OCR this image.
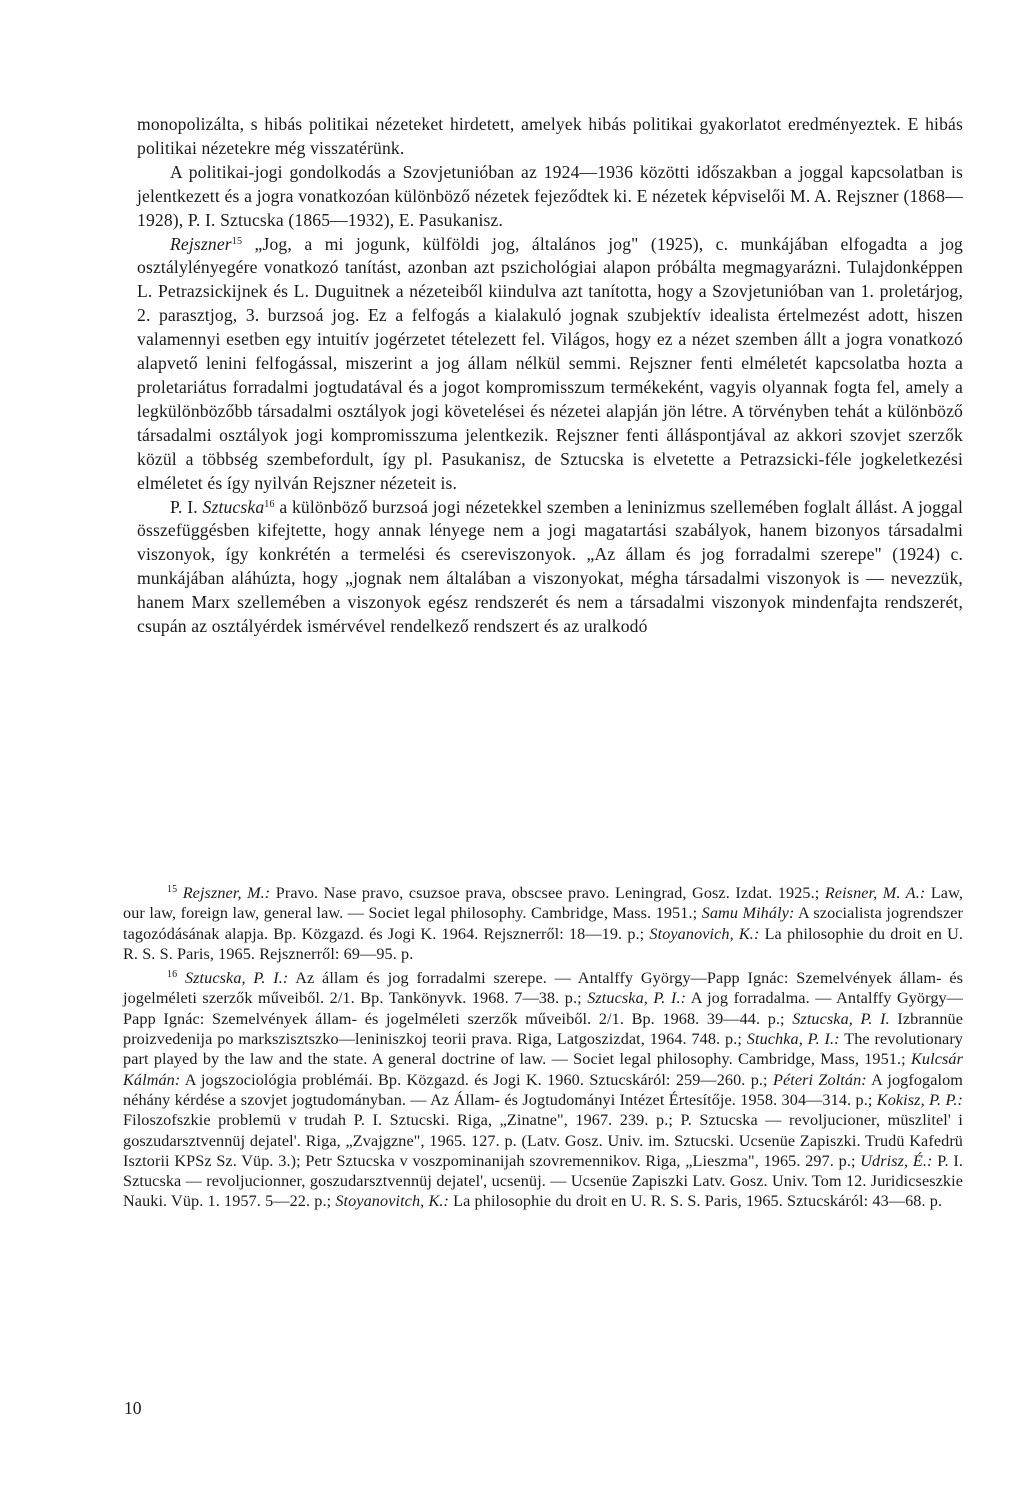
monopolizálta, s hibás politikai nézeteket hirdetett, amelyek hibás politikai gyakorlatot eredményeztek. E hibás politikai nézetekre még visszatérünk.

A politikai-jogi gondolkodás a Szovjetunióban az 1924—1936 közötti időszakban a joggal kapcsolatban is jelentkezett és a jogra vonatkozóan különböző nézetek fejeződtek ki. E nézetek képviselői M. A. Rejszner (1868—1928), P. I. Sztucska (1865—1932), E. Pasukanisz.

Rejszner$^{15}$ „Jog, a mi jogunk, külföldi jog, általános jog" (1925), c. munkájában elfogadta a jog osztálylényegére vonatkozó tanítást, azonban azt pszichológiai alapon próbálta megmagyarázni. Tulajdonképpen L. Petrazsickijnek és L. Duguitnek a nézeteiből kiindulva azt tanította, hogy a Szovjetunióban van 1. proletárjog, 2. parasztjog, 3. burzsoá jog. Ez a felfogás a kialakuló jognak szubjektív idealista értelmezést adott, hiszen valamennyi esetben egy intuitív jogérzetet tételezett fel. Világos, hogy ez a nézet szemben állt a jogra vonatkozó alapvető lenini felfogással, miszerint a jog állam nélkül semmi. Rejszner fenti elméletét kapcsolatba hozta a proletariátus forradalmi jogtudatával és a jogot kompromisszum termékeként, vagyis olyannak fogta fel, amely a legkülönbözőbb társadalmi osztályok jogi követelései és nézetei alapján jön létre. A törvényben tehát a különböző társadalmi osztályok jogi kompromisszuma jelentkezik. Rejszner fenti álláspontjával az akkori szovjet szerzők közül a többség szembefordult, így pl. Pasukanisz, de Sztucska is elvetette a Petrazsicki-féle jogkeletkezési elméletet és így nyilván Rejszner nézeteit is.

P. I. Sztucska$^{16}$ a különböző burzsoá jogi nézetekkel szemben a leninizmus szellemében foglalt állást. A joggal összefüggésben kifejtette, hogy annak lényege nem a jogi magatartási szabályok, hanem bizonyos társadalmi viszonyok, így konkrétén a termelési és csereviszonyok. „Az állam és jog forradalmi szerepe" (1924) c. munkájában aláhúzta, hogy „jognak nem általában a viszonyokat, mégha társadalmi viszonyok is — nevezzük, hanem Marx szellemében a viszonyok egész rendszerét és nem a társadalmi viszonyok mindenfajta rendszerét, csupán az osztályérdek ismérvével rendelkező rendszert és az uralkodó

$^{15}$ Rejszner, M.: Pravo. Nase pravo, csuzsoe prava, obscsee pravo. Leningrad, Gosz. Izdat. 1925.; Reisner, M. A.: Law, our law, foreign law, general law. — Societ legal philosophy. Cambridge, Mass. 1951.; Samu Mihály: A szocialista jogrendszer tagozódásának alapja. Bp. Közgazd. és Jogi K. 1964. Rejsznerről: 18—19. p.; Stoyanovich, K.: La philosophie du droit en U. R. S. S. Paris, 1965. Rejsznerről: 69—95. p.

$^{16}$ Sztucska, P. I.: Az állam és jog forradalmi szerepe. — Antalffy György—Papp Ignác: Szemelvények állam- és jogelméleti szerzők műveiből. 2/1. Bp. Tankönyvk. 1968. 7—38. p.; Sztucska, P. I.: A jog forradalma. — Antalffy György—Papp Ignác: Szemelvények állam- és jogelméleti szerzők műveiből. 2/1. Bp. 1968. 39—44. p.; Sztucska, P. I. Izbrannüe proizvedenija po markszisztszko—leniniszkoj teorii prava. Riga, Latgoszizdat, 1964. 748. p.; Stuchka, P. I.: The revolutionary part played by the law and the state. A general doctrine of law. — Societ legal philosophy. Cambridge, Mass, 1951.; Kulcsár Kálmán: A jogszociológia problémái. Bp. Közgazd. és Jogi K. 1960. Sztucskáról: 259—260. p.; Péteri Zoltán: A jogfogalom néhány kérdése a szovjet jogtudományban. — Az Állam- és Jogtudományi Intézet Értesítője. 1958. 304—314. p.; Kokisz, P. P.: Filoszofszkie problemü v trudah P. I. Sztucski. Riga, „Zinatne", 1967. 239. p.; P. Sztucska — revoljucioner, müszlitel' i goszudarsztvennüj dejatel'. Riga, „Zvajgzne", 1965. 127. p. (Latv. Gosz. Univ. im. Sztucski. Ucsenüe Zapiszki. Trudü Kafedrü Isztorii KPSz Sz. Vüp. 3.); Petr Sztucska v voszpominanijah szovremennikov. Riga, „Lieszma", 1965. 297. p.; Udrisz, É.: P. I. Sztucska — revoljucionner, goszudarsztvennüj dejatel', ucsenüj. — Ucsenüe Zapiszki Latv. Gosz. Univ. Tom 12. Juridicseszkie Nauki. Vüp. 1. 1957. 5—22. p.; Stoyanovitch, K.: La philosophie du droit en U. R. S. S. Paris, 1965. Sztucskáról: 43—68. p.

10
